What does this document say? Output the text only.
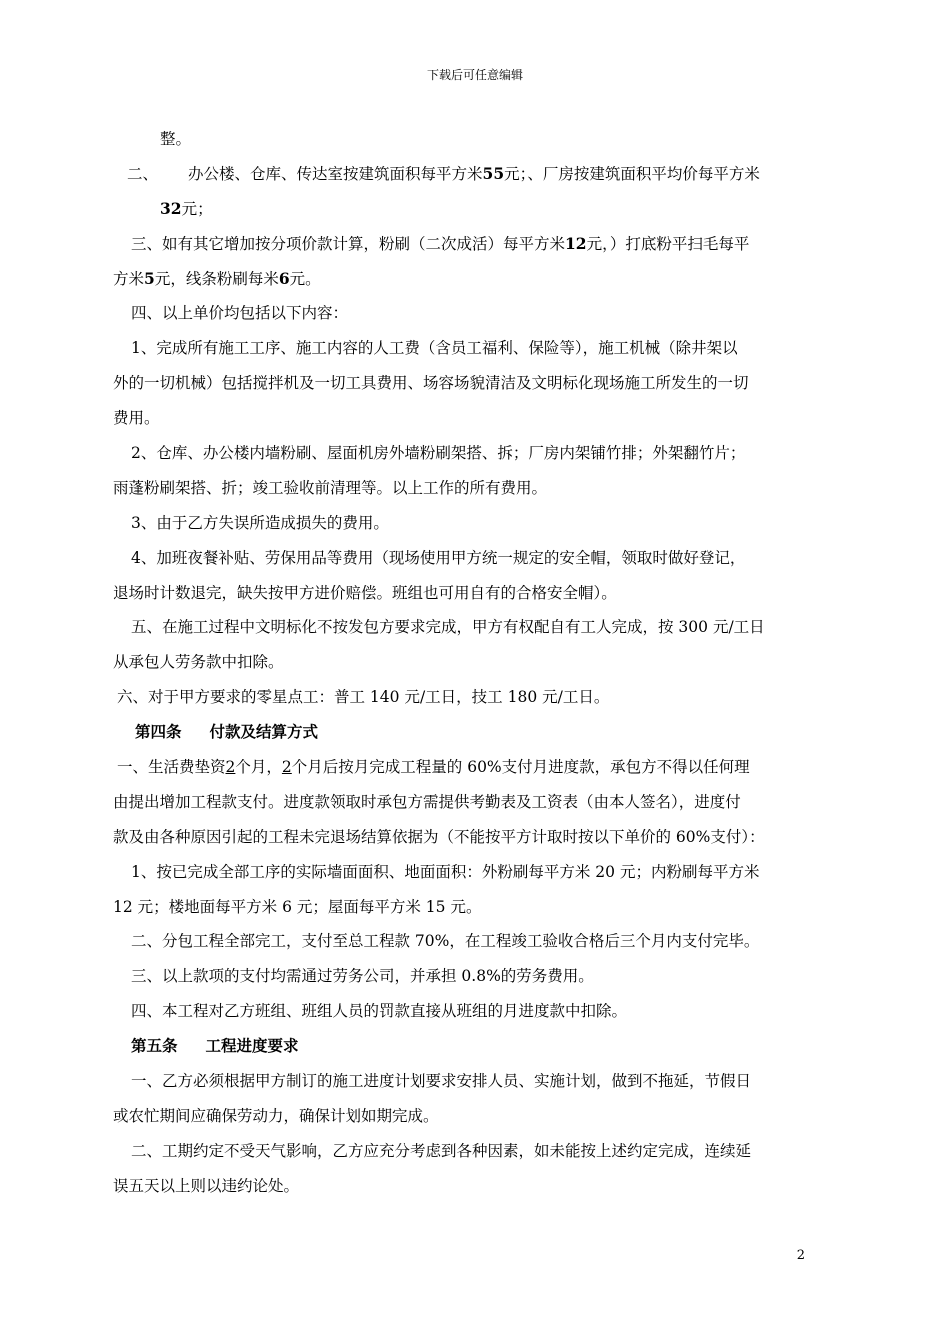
下载后可任意编辑
整。
二、 办公楼、仓库、传达室按建筑面积每平方米55元；、厂房按建筑面积平均价每平方米
32元；
三、如有其它增加按分项价款计算，粉刷（二次成活）每平方米12元，）打底粉平扫毛每平
方米5元，线条粉刷每米6元。
四、以上单价均包括以下内容：
1、完成所有施工工序、施工内容的人工费（含员工福利、保险等），施工机械（除井架以
外的一切机械）包括搅拌机及一切工具费用、场容场貌清洁及文明标化现场施工所发生的一切
费用。
2、仓库、办公楼内墙粉刷、屋面机房外墙粉刷架搭、拆；厂房内架铺竹排；外架翻竹片；
雨蓬粉刷架搭、折；竣工验收前清理等。以上工作的所有费用。
3、由于乙方失误所造成损失的费用。
4、加班夜餐补贴、劳保用品等费用（现场使用甲方统一规定的安全帽，领取时做好登记，
退场时计数退完，缺失按甲方进价赔偿。班组也可用自有的合格安全帽）。
五、在施工过程中文明标化不按发包方要求完成，甲方有权配自有工人完成，按 300 元/工日
从承包人劳务款中扣除。
六、对于甲方要求的零星点工：普工 140 元/工日，技工 180 元/工日。
第四条 付款及结算方式
一、生活费垫资2个月，2个月后按月完成工程量的 60%支付月进度款，承包方不得以任何理
由提出增加工程款支付。进度款领取时承包方需提供考勤表及工资表（由本人签名），进度付
款及由各种原因引起的工程未完退场结算依据为（不能按平方计取时按以下单价的 60%支付）：
1、按已完成全部工序的实际墙面面积、地面面积：外粉刷每平方米 20 元；内粉刷每平方米
12 元；楼地面每平方米 6 元；屋面每平方米 15 元。
二、分包工程全部完工，支付至总工程款 70%，在工程竣工验收合格后三个月内支付完毕。
三、以上款项的支付均需通过劳务公司，并承担 0.8%的劳务费用。
四、本工程对乙方班组、班组人员的罚款直接从班组的月进度款中扣除。
第五条 工程进度要求
一、乙方必须根据甲方制订的施工进度计划要求安排人员、实施计划，做到不拖延，节假日
或农忙期间应确保劳动力，确保计划如期完成。
二、工期约定不受天气影响，乙方应充分考虑到各种因素，如未能按上述约定完成，连续延
误五天以上则以违约论处。
2
